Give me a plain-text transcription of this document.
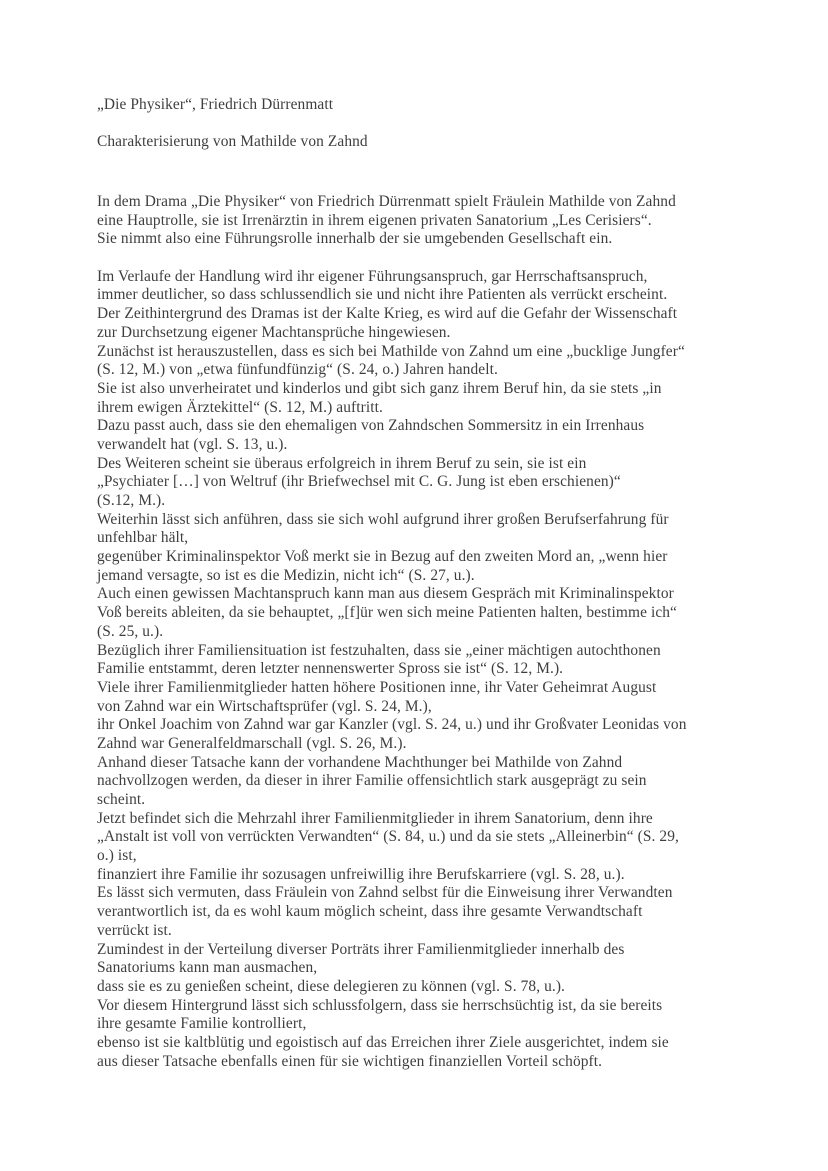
„Die Physiker“, Friedrich Dürrenmatt
Charakterisierung von Mathilde von Zahnd
In dem Drama „Die Physiker“ von Friedrich Dürrenmatt spielt Fräulein Mathilde von Zahnd
eine Hauptrolle, sie ist Irrenärztin in ihrem eigenen privaten Sanatorium „Les Cerisiers“.
Sie nimmt also eine Führungsrolle innerhalb der sie umgebenden Gesellschaft ein.
Im Verlaufe der Handlung wird ihr eigener Führungsanspruch, gar Herrschaftsanspruch,
immer deutlicher, so dass schlussendlich sie und nicht ihre Patienten als verrückt erscheint.
Der Zeithintergrund des Dramas ist der Kalte Krieg, es wird auf die Gefahr der Wissenschaft
zur Durchsetzung eigener Machtansprüche hingewiesen.
Zunächst ist herauszustellen, dass es sich bei Mathilde von Zahnd um eine „bucklige Jungfer“
(S. 12, M.) von „etwa fünfundfünzig“ (S. 24, o.) Jahren handelt.
Sie ist also unverheiratet und kinderlos und gibt sich ganz ihrem Beruf hin, da sie stets „in
ihrem ewigen Ärztekittel“ (S. 12, M.) auftritt.
Dazu passt auch, dass sie den ehemaligen von Zahndschen Sommersitz in ein Irrenhaus
verwandelt hat (vgl. S. 13, u.).
Des Weiteren scheint sie überaus erfolgreich in ihrem Beruf zu sein, sie ist ein
„Psychiater […] von Weltruf (ihr Briefwechsel mit C. G. Jung ist eben erschienen)“
(S.12, M.).
Weiterhin lässt sich anführen, dass sie sich wohl aufgrund ihrer großen Berufserfahrung für
unfehlbar hält,
gegenüber Kriminalinspektor Voß merkt sie in Bezug auf den zweiten Mord an, „wenn hier
jemand versagte, so ist es die Medizin, nicht ich“ (S. 27, u.).
Auch einen gewissen Machtanspruch kann man aus diesem Gespräch mit Kriminalinspektor
Voß bereits ableiten, da sie behauptet, „[f]ür wen sich meine Patienten halten, bestimme ich“
(S. 25, u.).
Bezüglich ihrer Familiensituation ist festzuhalten, dass sie „einer mächtigen autochthonen
Familie entstammt, deren letzter nennenswerter Spross sie ist“ (S. 12, M.).
Viele ihrer Familienmitglieder hatten höhere Positionen inne, ihr Vater Geheimrat August
von Zahnd war ein Wirtschaftsprüfer (vgl. S. 24, M.),
ihr Onkel Joachim von Zahnd war gar Kanzler (vgl. S. 24, u.) und ihr Großvater Leonidas von
Zahnd war Generalfeldmarschall (vgl. S. 26, M.).
Anhand dieser Tatsache kann der vorhandene Machthunger bei Mathilde von Zahnd
nachvollzogen werden, da dieser in ihrer Familie offensichtlich stark ausgeprägt zu sein
scheint.
Jetzt befindet sich die Mehrzahl ihrer Familienmitglieder in ihrem Sanatorium, denn ihre
„Anstalt ist voll von verrückten Verwandten“ (S. 84, u.) und da sie stets „Alleinerbin“ (S. 29,
o.) ist,
finanziert ihre Familie ihr sozusagen unfreiwillig ihre Berufskarriere (vgl. S. 28, u.).
Es lässt sich vermuten, dass Fräulein von Zahnd selbst für die Einweisung ihrer Verwandten
verantwortlich ist, da es wohl kaum möglich scheint, dass ihre gesamte Verwandtschaft
verrückt ist.
Zumindest in der Verteilung diverser Porträts ihrer Familienmitglieder innerhalb des
Sanatoriums kann man ausmachen,
dass sie es zu genießen scheint, diese delegieren zu können (vgl. S. 78, u.).
Vor diesem Hintergrund lässt sich schlussfolgern, dass sie herrschsüchtig ist, da sie bereits
ihre gesamte Familie kontrolliert,
ebenso ist sie kaltblütig und egoistisch auf das Erreichen ihrer Ziele ausgerichtet, indem sie
aus dieser Tatsache ebenfalls einen für sie wichtigen finanziellen Vorteil schöpft.
